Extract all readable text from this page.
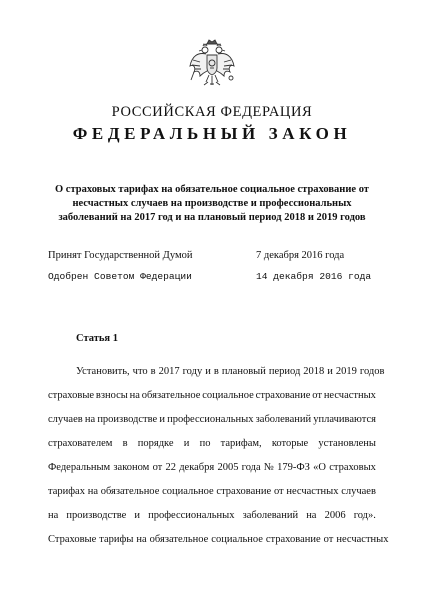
РОССИЙСКАЯ ФЕДЕРАЦИЯ
ФЕДЕРАЛЬНЫЙ ЗАКОН
О страховых тарифах на обязательное социальное страхование от
несчастных случаев на производстве и профессиональных
заболеваний на 2017 год и на плановый период 2018 и 2019 годов
Принят Государственной Думой	7 декабря 2016 года
Одобрен Советом Федерации	14 декабря 2016 года
Статья 1
Установить, что в 2017 году и в плановый период 2018 и 2019 годов
страховые взносы на обязательное социальное страхование от несчастных
случаев на производстве и профессиональных заболеваний уплачиваются
страхователем в порядке и по тарифам, которые установлены
Федеральным законом от 22 декабря 2005 года № 179-ФЗ «О страховых
тарифах на обязательное социальное страхование от несчастных случаев
на производстве и профессиональных заболеваний на 2006 год».
Страховые тарифы на обязательное социальное страхование от несчастных
